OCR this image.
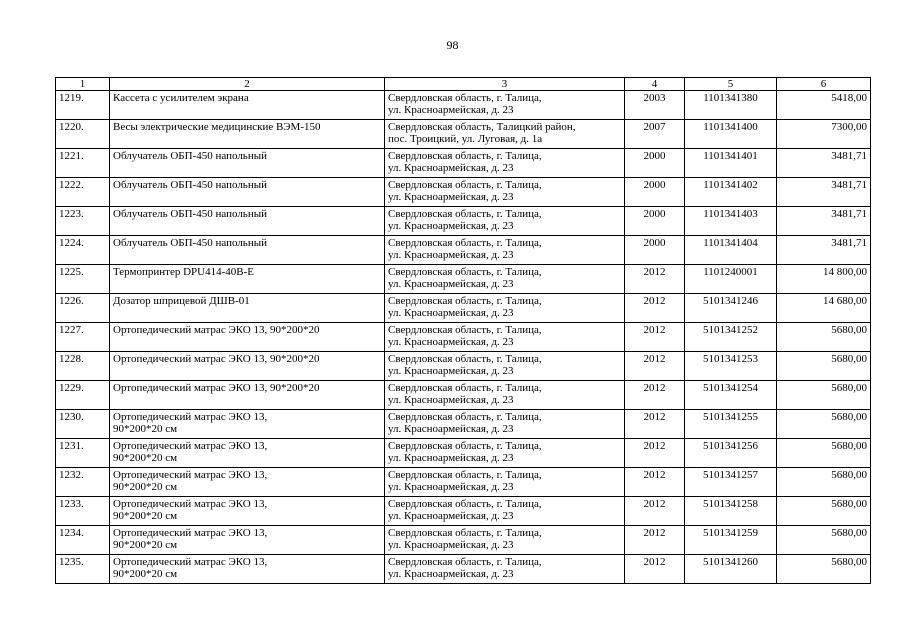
98
1	2	3	4	5	6

1219.	Кассета с усилителем экрана	Свердловская область, г. Талица,
ул. Красноармейская, д. 23	2003	1101341380	5418,00

1220.	Весы электрические медицинские ВЭМ-150	Свердловская область, Талицкий район,
пос. Троицкий, ул. Луговая, д. 1а	2007	1101341400	7300,00

1221.	Облучатель ОБП-450 напольный	Свердловская область, г. Талица,
ул. Красноармейская, д. 23	2000	1101341401	3481,71

1222.	Облучатель ОБП-450 напольный	Свердловская область, г. Талица,
ул. Красноармейская, д. 23	2000	1101341402	3481,71

1223.	Облучатель ОБП-450 напольный	Свердловская область, г. Талица,
ул. Красноармейская, д. 23	2000	1101341403	3481,71

1224.	Облучатель ОБП-450 напольный	Свердловская область, г. Талица,
ул. Красноармейская, д. 23	2000	1101341404	3481,71

1225.	Термопринтер DPU414-40B-E	Свердловская область, г. Талица,
ул. Красноармейская, д. 23	2012	1101240001	14 800,00

1226.	Дозатор шприцевой ДШВ-01	Свердловская область, г. Талица,
ул. Красноармейская, д. 23	2012	5101341246	14 680,00

1227.	Ортопедический матрас ЭКО 13, 90*200*20	Свердловская область, г. Талица,
ул. Красноармейская, д. 23	2012	5101341252	5680,00

1228.	Ортопедический матрас ЭКО 13, 90*200*20	Свердловская область, г. Талица,
ул. Красноармейская, д. 23	2012	5101341253	5680,00

1229.	Ортопедический матрас ЭКО 13, 90*200*20	Свердловская область, г. Талица,
ул. Красноармейская, д. 23	2012	5101341254	5680,00

1230.	Ортопедический матрас ЭКО 13,
90*200*20 см	Свердловская область, г. Талица,
ул. Красноармейская, д. 23	2012	5101341255	5680,00

1231.	Ортопедический матрас ЭКО 13,
90*200*20 см	Свердловская область, г. Талица,
ул. Красноармейская, д. 23	2012	5101341256	5680,00

1232.	Ортопедический матрас ЭКО 13,
90*200*20 см	Свердловская область, г. Талица,
ул. Красноармейская, д. 23	2012	5101341257	5680,00

1233.	Ортопедический матрас ЭКО 13,
90*200*20 см	Свердловская область, г. Талица,
ул. Красноармейская, д. 23	2012	5101341258	5680,00

1234.	Ортопедический матрас ЭКО 13,
90*200*20 см	Свердловская область, г. Талица,
ул. Красноармейская, д. 23	2012	5101341259	5680,00

1235.	Ортопедический матрас ЭКО 13,
90*200*20 см	Свердловская область, г. Талица,
ул. Красноармейская, д. 23	2012	5101341260	5680,00
